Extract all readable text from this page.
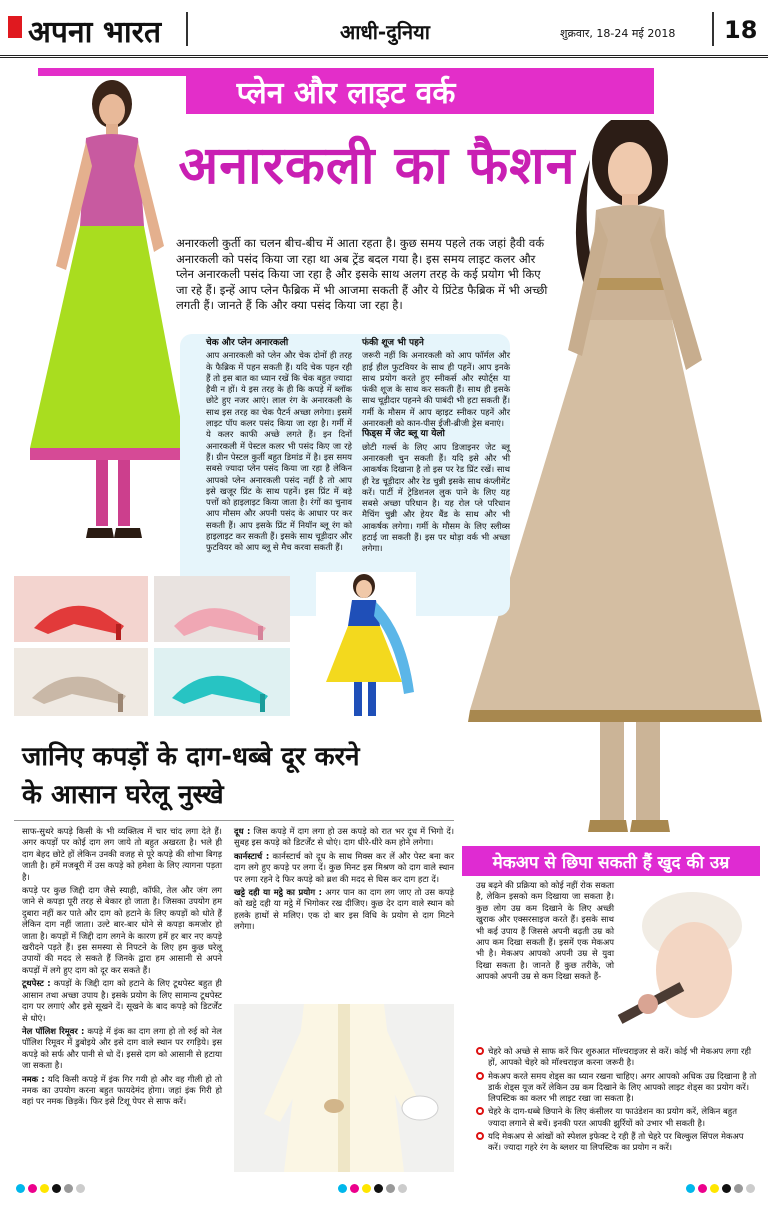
अपना भारत	आधी-दुनिया	शुक्रवार, 18-24 मई 2018 18
प्लेन और लाइट वर्क
अनारकली का फैशन
अनारकली कुर्ती का चलन बीच-बीच में आता रहता है। कुछ समय पहले तक जहां हैवी वर्क अनारकली को पसंद किया जा रहा था अब ट्रेंड बदल गया है। इस समय लाइट कलर और प्लेन अनारकली पसंद किया जा रहा है और इसके साथ अलग तरह के कई प्रयोग भी किए जा रहे हैं। इन्हें आप प्लेन फैब्रिक में भी आजमा सकती हैं और ये प्रिंटेड फैब्रिक में भी अच्छी लगती हैं। जानते हैं कि और क्या पसंद किया जा रहा है।
चेक और प्लेन अनारकली

आप अनारकली को प्लेन और चेक दोनों ही तरह के फैब्रिक में पहन सकती हैं। यदि चेक पहन रही हैं तो इस बात का ध्यान रखें कि चेक बहुत ज्यादा हैवी न हों। ये इस तरह के ही कि कपड़े में ब्लॉक छोटे हुए नजर आएं। लाल रंग के अनारकली के साथ इस तरह का चेक पैटर्न अच्छा लगेगा। इसमें लाइट पॉप कलर पसंद किया जा रहा है। गर्मी में ये कलर काफी अच्छे लगते हैं। इन दिनों अनारकली में पेस्टल कलर भी पसंद किए जा रहे हैं। ग्रीन पेस्टल कुर्ती बहुत डिमांड में है। इस समय सबसे ज्यादा प्लेन पसंद किया जा रहा है लेकिन आपको प्लेन अनारकली पसंद नहीं है तो आप इसे खजूर प्रिंट के साथ पहनें। इस प्रिंट में बड़े पत्तों को हाइलाइट किया जाता है। रंगों का चुनाव आप मौसम और अपनी पसंद के आधार पर कर सकती हैं। आप इसके प्रिंट में नियॉन ब्लू रंग को हाइलाइट कर सकती हैं। इसके साथ चूड़ीदार और फुटवियर को आप ब्लू से मैच करवा सकती हैं।

फंकी शूज भी पहने

जरूरी नहीं कि अनारकली को आप फॉर्मल और हाई हील फुटवियर के साथ ही पहनें। आप इनके साथ प्रयोग करते हुए स्नीकर्स और स्पोर्ट्स या फंकी शूज के साथ कर सकती हैं। साथ ही इसके साथ चूड़ीदार पहनने की पाबंदी भी हटा सकती हैं। गर्मी के मौसम में आप व्हाइट स्नीकर पहनें और अनारकली को कान-पीस ईजी-ब्रीजी ड्रेस बनाएं।

फिड्स में जेट ब्लू या येलो

छोटी गर्ल्स के लिए आप डिजाइनर जेट ब्लू अनारकली चुन सकती हैं। यदि इसे और भी आकर्षक दिखाना है तो इस पर रेड प्रिंट रखें। साथ ही रेड चूड़ीदार और रेड चुन्नी इसके साथ कंप्लीमेंट करें। पार्टी में ट्रेडिशनल लुक पाने के लिए यह सबसे अच्छा परिधान है। यह रोल प्ले परिधान मैचिंग चुन्नी और हेयर बैंड के साथ और भी आकर्षक लगेगा। गर्मी के मौसम के लिए स्लीव्स हटाई जा सकती हैं। इस पर थोड़ा वर्क भी अच्छा लगेगा।

जानिए कपड़ों के दाग-धब्बे दूर करने
के आसान घरेलू नुस्खे

साफ-सुथरे कपड़े किसी के भी व्यक्तित्व में चार चांद लगा देते हैं। अगर कपड़ों पर कोई दाग लग जाये तो बहुत अखरता है। भले ही दाग बेहद छोटे हों लेकिन उनकी वजह से पूरे कपड़े की शोभा बिगड़ जाती है। हमें मजबूरी में उस कपड़े को हमेशा के लिए त्यागना पड़ता है।

कपड़े पर कुछ जिद्दी दाग जैसे स्याही, कॉफी, तेल और जंग लग जाने से कपड़ा पूरी तरह से बेकार हो जाता है। जिसका उपयोग हम दुबारा नहीं कर पाते और दाग को हटाने के लिए कपड़ों को धोते हैं लेकिन दाग नहीं जाता। उल्टे बार-बार धोने से कपड़ा कमजोर हो जाता है। कपड़ों में जिद्दी दाग लगने के कारण हमें हर बार नए कपड़े खरीदने पड़ते हैं। इस समस्या से निपटने के लिए हम कुछ घरेलू उपायों की मदद ले सकते हैं जिनके द्वारा हम आसानी से अपने कपड़ों में लगे हुए दाग को दूर कर सकते हैं।

टूथपेस्ट : कपड़ों के जिद्दी दाग को हटाने के लिए टूथपेस्ट बहुत ही आसान तथा अच्छा उपाय है। इसके प्रयोग के लिए सामान्य टूथपेस्ट दाग पर लगाएं और इसे सूखने दें। सूखने के बाद कपड़े को डिटर्जेंट से धोएं।

नेल पॉलिश रिमूवर : कपड़े में इंक का दाग लगा हो तो रुई को नेल पॉलिश रिमूवर में डुबोइये और इसे दाग वाले स्थान पर रगड़िये। इस कपड़े को सर्फ और पानी से धो दें। इससे दाग को आसानी से हटाया जा सकता है।

नमक : यदि किसी कपड़े में इंक गिर गयी हो और वह गीली हो तो नमक का उपयोग करना बहुत फायदेमंद होगा। जहां इंक गिरी हो वहां पर नमक छिड़कें। फिर इसे टिशू पेपर से साफ करें।

दूध : जिस कपड़े में दाग लगा हो उस कपड़े को रात भर दूध में भिगो दें। सुबह इस कपड़े को डिटर्जेंट से धोएं। दाग धीरे-धीरे कम होने लगेगा।

कार्नस्टार्च : कार्नस्टार्च को दूध के साथ मिक्स कर लें और पेस्ट बना कर दाग लगे हुए कपड़े पर लगा दें। कुछ मिनट इस मिश्रण को दाग वाले स्थान पर लगा रहने दे फिर कपड़े को ब्रश की मदद से घिस कर दाग हटा दें।

खट्टे दही या मट्ठे का प्रयोग : अगर पान का दाग लग जाए तो उस कपड़े को खट्टे दही या मट्ठे में भिगोकर रख दीजिए। कुछ देर दाग वाले स्थान को हलके हाथों से मलिए। एक दो बार इस विधि के प्रयोग से दाग मिटने लगेगा।

मेकअप से छिपा सकती हैं खुद की उम्र
उम्र बढ़ने की प्रक्रिया को कोई नहीं रोक सकता है, लेकिन इसको कम दिखाया जा सकता है। कुछ लोग उम्र कम दिखाने के लिए अच्छी खुराक और एक्सरसाइज करते हैं। इसके साथ भी कई उपाय हैं जिससे अपनी बढ़ती उम्र को आप कम दिखा सकती हैं। इसमें एक मेकअप भी है। मेकअप आपको अपनी उम्र से युवा दिखा सकता है। जानते हैं कुछ तरीके, जो आपको अपनी उम्र से कम दिखा सकते हैं-
चेहरे को अच्छे से साफ करें फिर शुरुआत मॉश्चराइजर से करें। कोई भी मेकअप लगा रही हों, आपको चेहरे को मॉश्चराइज करना जरूरी है।
मेकअप करते समय शेड्स का ध्यान रखना चाहिए। अगर आपको अधिक उम्र दिखाना है तो डार्क शेड्स यूज करें लेकिन उम्र कम दिखाने के लिए आपको लाइट शेड्स का प्रयोग करें। लिपस्टिक का कलर भी लाइट रखा जा सकता है।
चेहरे के दाग-धब्बे छिपाने के लिए कंसीलर या फाउंडेशन का प्रयोग करें, लेकिन बहुत ज्यादा लगाने से बचें। इनकी परत आपकी झुर्रियों को उभार भी सकती है।
यदि मेकअप से आंखों को स्पेशल इफेक्ट दे रही हैं तो चेहरे पर बिल्कुल सिंपल मेकअप करें। ज्यादा गहरे रंग के ब्लशर या लिपस्टिक का प्रयोग न करें।
